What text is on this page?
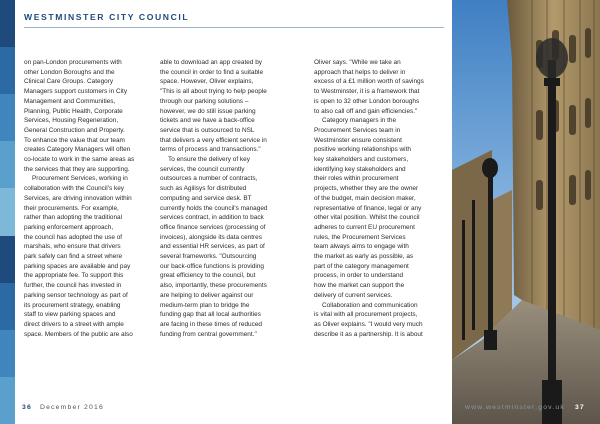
WESTMINSTER CITY COUNCIL

on pan-London procurements with

other London Boroughs and the

Clinical Care Groups. Category

Managers support customers in City

Management and Communities,

Planning, Public Health, Corporate

Services, Housing Regeneration,

General Construction and Property.

To enhance the value that our team

creates Category Managers will often

co-locate to work in the same areas as

the services that they are supporting.

Procurement Services, working in

collaboration with the Council's key

Services, are driving innovation within

their procurements. For example,

rather than adopting the traditional

parking enforcement approach,

the council has adopted the use of

marshals, who ensure that drivers

park safely can find a street where

parking spaces are available and pay

the appropriate fee. To support this

further, the council has invested in

parking sensor technology as part of

its procurement strategy, enabling

staff to view parking spaces and

direct drivers to a street with ample

space. Members of the public are also

able to download an app created by

the council in order to find a suitable

space. However, Oliver explains,

"This is all about trying to help people

through our parking solutions –

however, we do still issue parking

tickets and we have a back-office

service that is outsourced to NSL

that delivers a very efficient service in

terms of process and transactions."

To ensure the delivery of key

services, the council currently

outsources a number of contracts,

such as Agilisys for distributed

computing and service desk. BT

currently holds the council's managed

services contract, in addition to back

office finance services (processing of

invoices), alongside its data centres

and essential HR services, as part of

several frameworks. "Outsourcing

our back-office functions is providing

great efficiency to the council, but

also, importantly, these procurements

are helping to deliver against our

medium-term plan to bridge the

funding gap that all local authorities

are facing in these times of reduced

funding from central government."

Oliver says. "While we take an

approach that helps to deliver in

excess of a £1 million worth of savings

to Westminster, it is a framework that

is open to 32 other London boroughs

to also call off and gain efficiencies."

Category managers in the

Procurement Services team in

Westminster ensure consistent

positive working relationships with

key stakeholders and customers,

identifying key stakeholders and

their roles within procurement

projects, whether they are the owner

of the budget, main decision maker,

representative of finance, legal or any

other vital position. Whilst the council

adheres to current EU procurement

rules, the Procurement Services

team always aims to engage with

the market as early as possible, as

part of the category management

process, in order to understand

how the market can support the

delivery of current services.

Collaboration and communication

is vital with all procurement projects,

as Oliver explains. "I would very much

describe it as a partnership. It is about

36 December 2016	www.westminster.gov.uk 37
